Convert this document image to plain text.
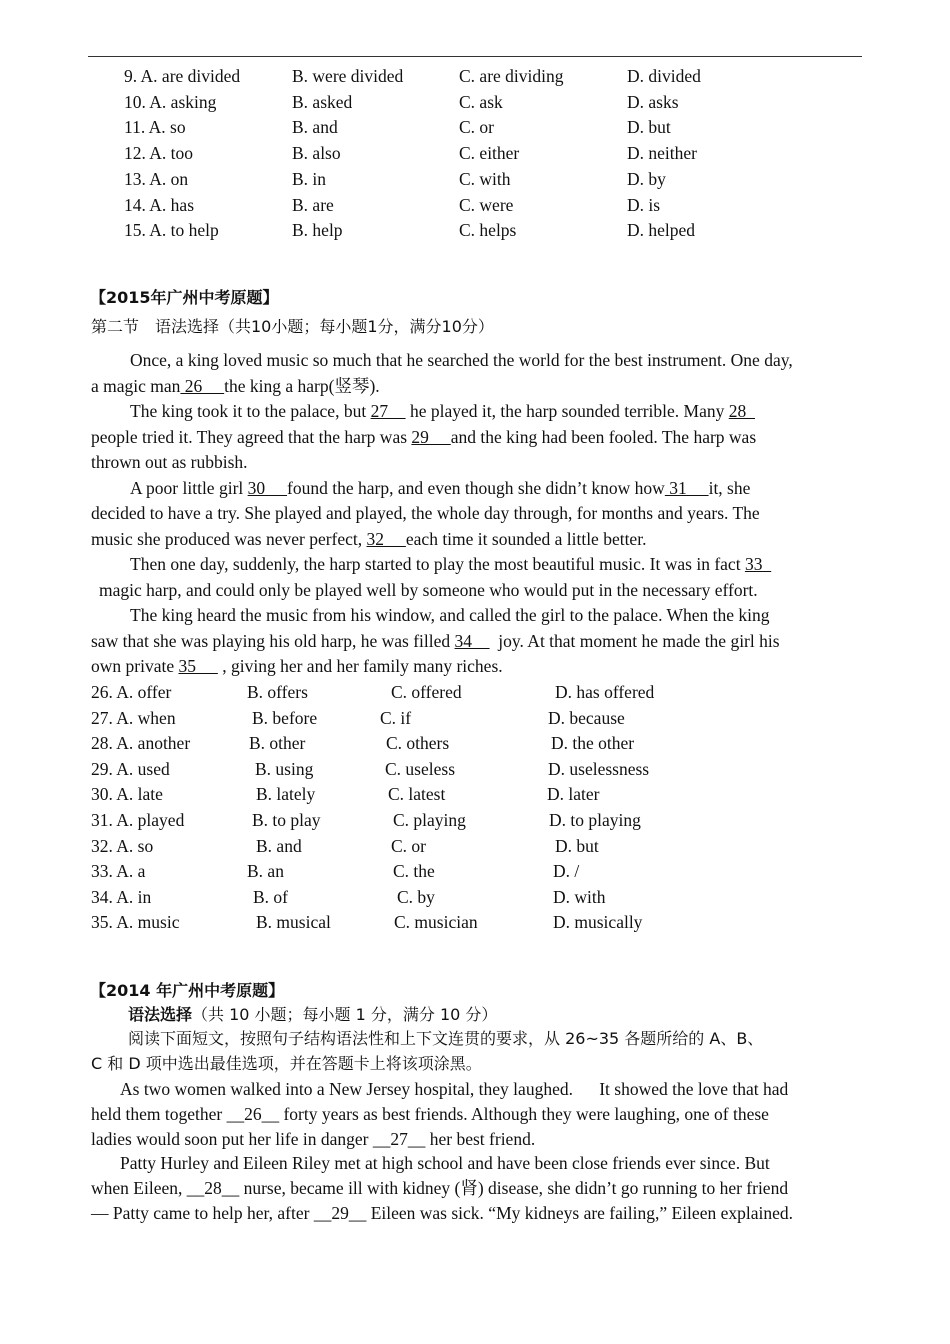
9. A. are divided	B. were divided	C. are dividing	D. divided
10. A. asking	B. asked	C. ask	D. asks
11. A. so	B. and	C. or	D. but
12. A. too	B. also	C. either	D. neither
13. A. on	B. in	C. with	D. by
14. A. has	B. are	C. were	D. is
15. A. to help	B. help	C. helps	D. helped
【2015年广州中考原题】
第二节　语法选择（共10小题；每小题1分，满分10分）
Once, a king loved music so much that he searched the world for the best instrument. One day,
a magic man 26     the king a harp(竖琴).
The king took it to the palace, but 27     he played it, the harp sounded terrible. Many 28
people tried it. They agreed that the harp was 29     and the king had been fooled. The harp was
thrown out as rubbish.
A poor little girl 30     found the harp, and even though she didn’t know how 31     it, she
decided to have a try. She played and played, the whole day through, for months and years. The
music she produced was never perfect, 32     each time it sounded a little better.
Then one day, suddenly, the harp started to play the most beautiful music. It was in fact 33
magic harp, and could only be played well by someone who would put in the necessary effort.
The king heard the music from his window, and called the girl to the palace. When the king
saw that she was playing his old harp, he was filled 34      joy. At that moment he made the girl his
own private 35      , giving her and her family many riches.
26. A. offer	B. offers	C. offered	D. has offered
27. A. when	B. before	C. if	D. because
28. A. another	B. other	C. others	D. the other
29. A. used	B. using	C. useless	D. uselessness
30. A. late	B. lately	C. latest	D. later
31. A. played	B. to play	C. playing	D. to playing
32. A. so	B. and	C. or	D. but
33. A. a	B. an	C. the	D. /
34. A. in	B. of	C. by	D. with
35. A. music	B. musical	C. musician	D. musically
【2014 年广州中考原题】
语法选择（共 10 小题；每小题 1 分，满分 10 分）
阅读下面短文，按照句子结构语法性和上下文连贯的要求，从 26~35 各题所给的 A、B、
C 和 D 项中选出最佳选项，并在答题卡上将该项涂黑。
As two women walked into a New Jersey hospital, they laughed.      It showed the love that had
held them together __26__ forty years as best friends. Although they were laughing, one of these
ladies would soon put her life in danger __27__ her best friend.
Patty Hurley and Eileen Riley met at high school and have been close friends ever since. But
when Eileen, __28__ nurse, became ill with kidney (肾) disease, she didn’t go running to her friend
— Patty came to help her, after __29__ Eileen was sick. “My kidneys are failing,” Eileen explained.
